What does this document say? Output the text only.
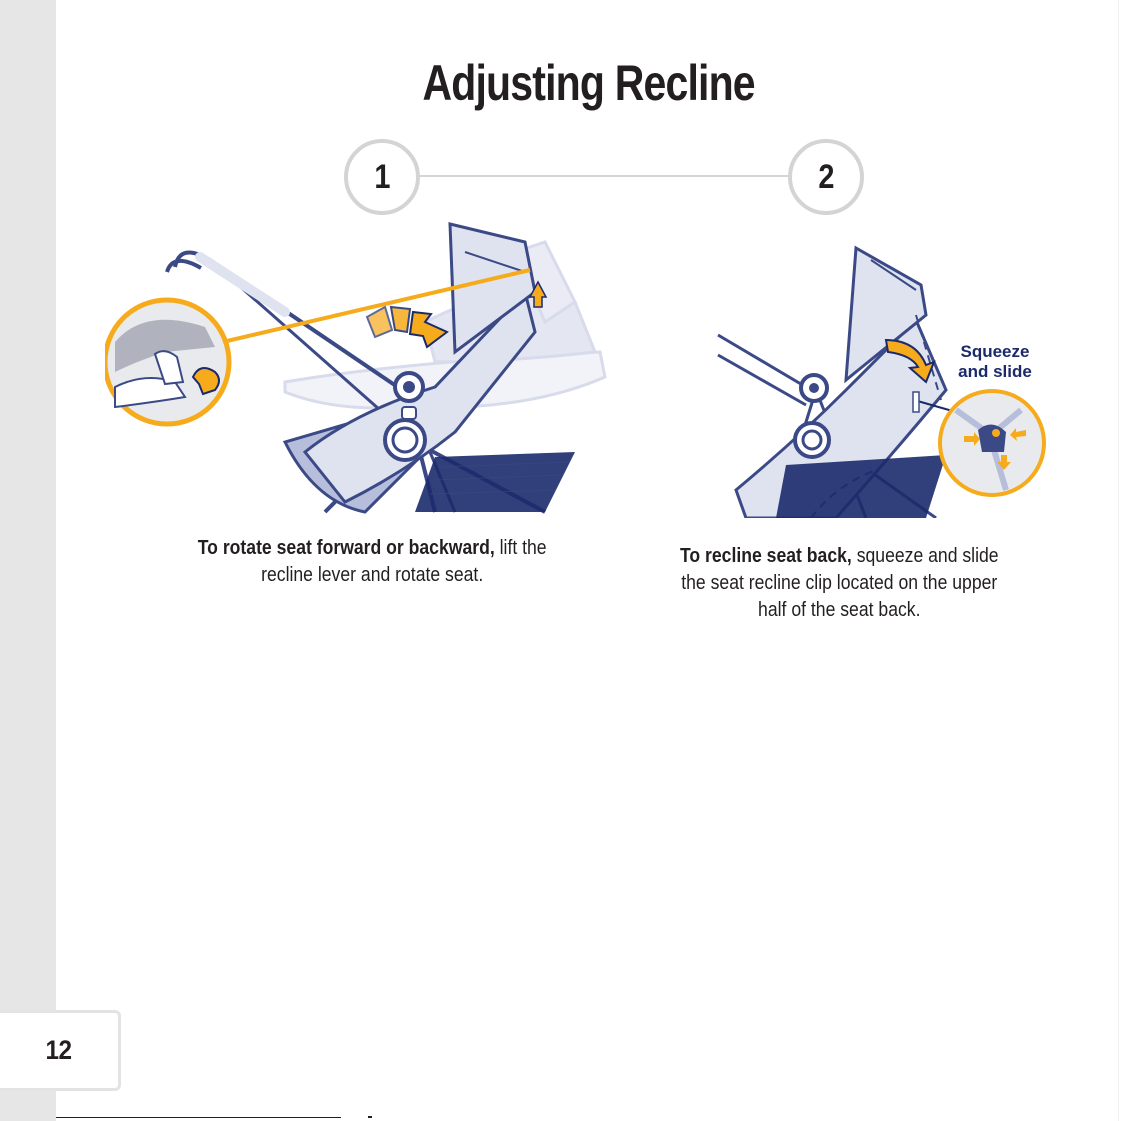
12
Adjusting Recline
1	2
Squeeze
and slide

To rotate seat forward or backward, lift the recline lever and rotate seat.

To recline seat back, squeeze and slide the seat recline clip located on the upper half of the seat back.
